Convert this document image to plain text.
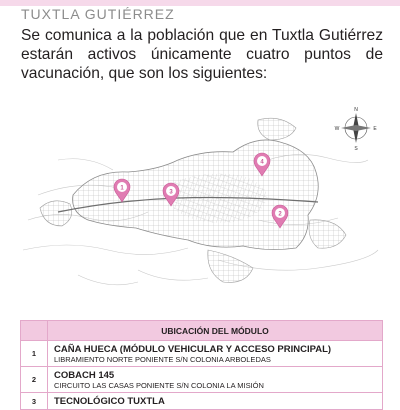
TUXTLA GUTIÉRREZ
Se comunica a la población que en Tuxtla Gutiérrez estarán activos únicamente cuatro puntos de vacunación, que son los siguientes:
N
S
E
W
1
2
3
4
	UBICACIÓN DEL MÓDULO
1	CAÑA HUECA (MÓDULO VEHICULAR Y ACCESO PRINCIPAL)
LIBRAMIENTO NORTE PONIENTE S/N COLONIA ARBOLEDAS

2	COBACH 145
CIRCUITO LAS CASAS PONIENTE S/N COLONIA LA MISIÓN

3	TECNOLÓGICO TUXTLA
